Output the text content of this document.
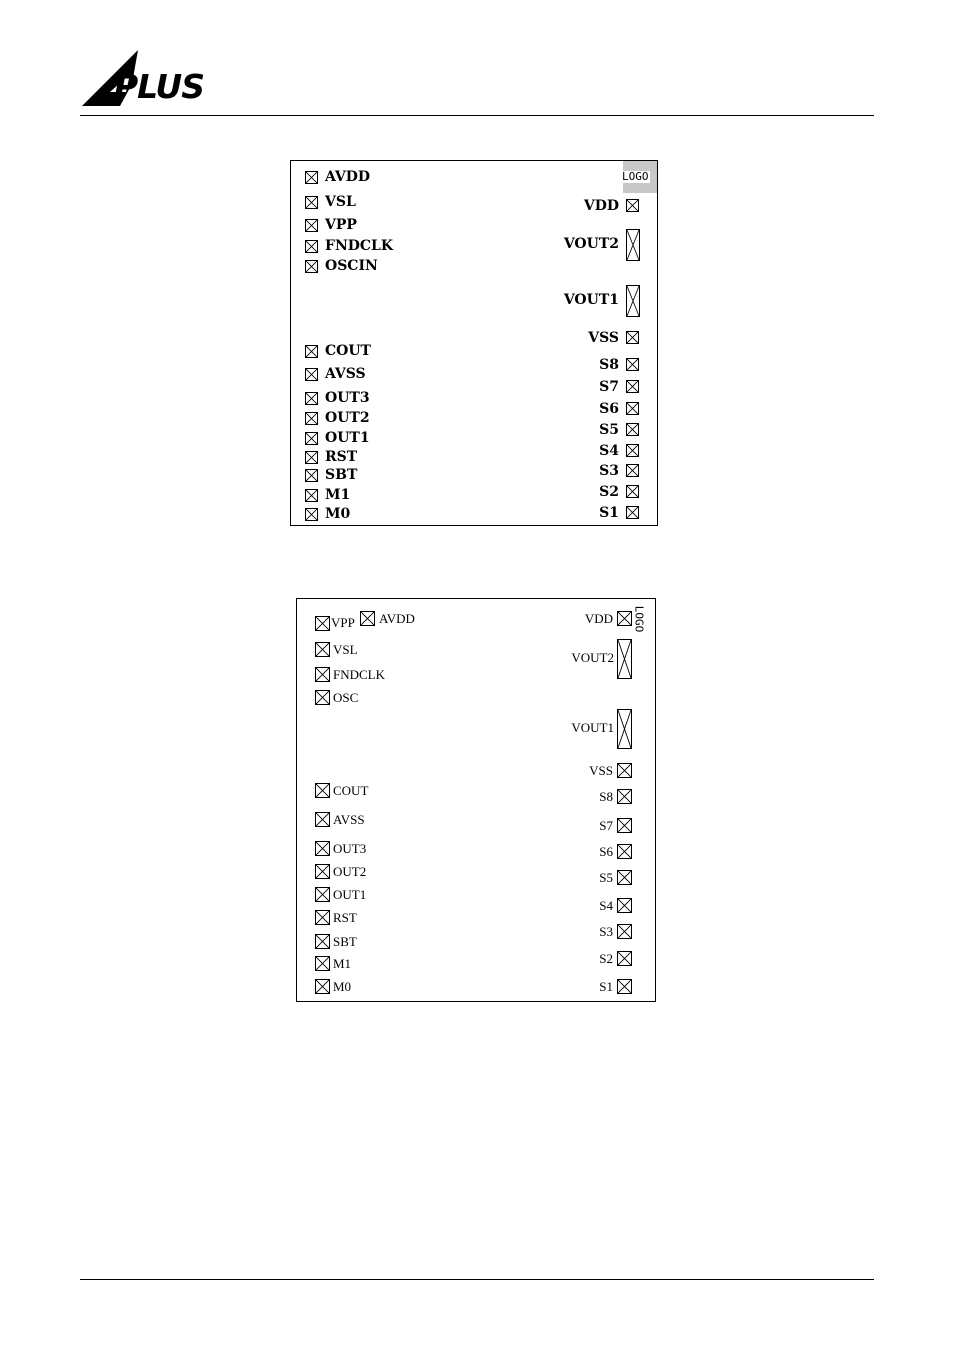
PLUS
LOGO
AVDD
VSL
VPP
FNDCLK
OSCIN
COUT
AVSS
OUT3
OUT2
OUT1
RST
SBT
M1
M0
VDD
VOUT2
VOUT1
VSS
S8
S7
S6
S5
S4
S3
S2
S1
LOGO
VPP AVDD
VSL
FNDCLK
OSC
COUT
AVSS
OUT3
OUT2
OUT1
RST
SBT
M1
M0
VDD
VOUT2
VOUT1
VSS
S8
S7
S6
S5
S4
S3
S2
S1
